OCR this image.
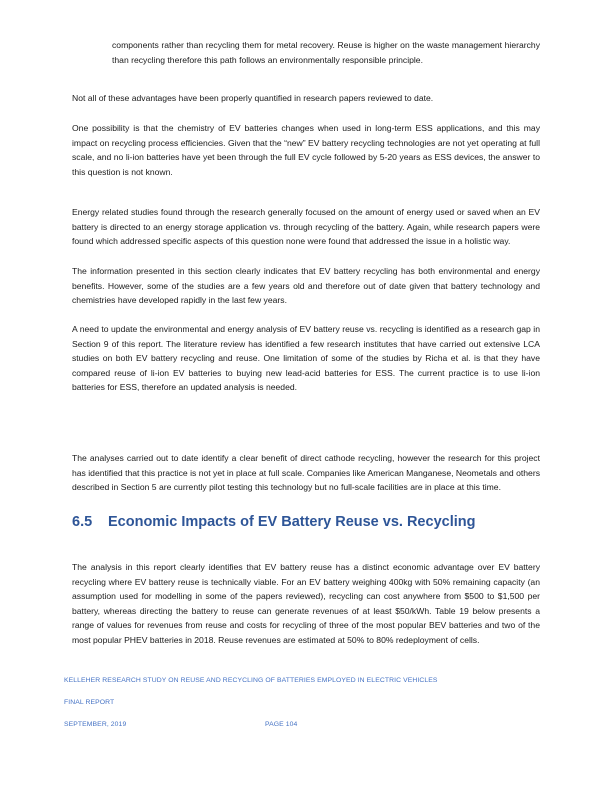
components rather than recycling them for metal recovery. Reuse is higher on the waste management hierarchy than recycling therefore this path follows an environmentally responsible principle.

Not all of these advantages have been properly quantified in research papers reviewed to date.

One possibility is that the chemistry of EV batteries changes when used in long-term ESS applications, and this may impact on recycling process efficiencies. Given that the “new” EV battery recycling technologies are not yet operating at full scale, and no li-ion batteries have yet been through the full EV cycle followed by 5-20 years as ESS devices, the answer to this question is not known.

Energy related studies found through the research generally focused on the amount of energy used or saved when an EV battery is directed to an energy storage application vs. through recycling of the battery. Again, while research papers were found which addressed specific aspects of this question none were found that addressed the issue in a holistic way.

The information presented in this section clearly indicates that EV battery recycling has both environmental and energy benefits. However, some of the studies are a few years old and therefore out of date given that battery technology and chemistries have developed rapidly in the last few years.

A need to update the environmental and energy analysis of EV battery reuse vs. recycling is identified as a research gap in Section 9 of this report. The literature review has identified a few research institutes that have carried out extensive LCA studies on both EV battery recycling and reuse. One limitation of some of the studies by Richa et al. is that they have compared reuse of li-ion EV batteries to buying new lead-acid batteries for ESS. The current practice is to use li-ion batteries for ESS, therefore an updated analysis is needed.

The analyses carried out to date identify a clear benefit of direct cathode recycling, however the research for this project has identified that this practice is not yet in place at full scale. Companies like American Manganese, Neometals and others described in Section 5 are currently pilot testing this technology but no full-scale facilities are in place at this time.

6.5 Economic Impacts of EV Battery Reuse vs. Recycling

The analysis in this report clearly identifies that EV battery reuse has a distinct economic advantage over EV battery recycling where EV battery reuse is technically viable. For an EV battery weighing 400kg with 50% remaining capacity (an assumption used for modelling in some of the papers reviewed), recycling can cost anywhere from $500 to $1,500 per battery, whereas directing the battery to reuse can generate revenues of at least $50/kWh. Table 19 below presents a range of values for revenues from reuse and costs for recycling of three of the most popular BEV batteries and two of the most popular PHEV batteries in 2018. Reuse revenues are estimated at 50% to 80% redeployment of cells.

KELLEHER RESEARCH STUDY ON REUSE AND RECYCLING OF BATTERIES EMPLOYED IN ELECTRIC VEHICLES

FINAL REPORT

SEPTEMBER, 2019	PAGE 104
